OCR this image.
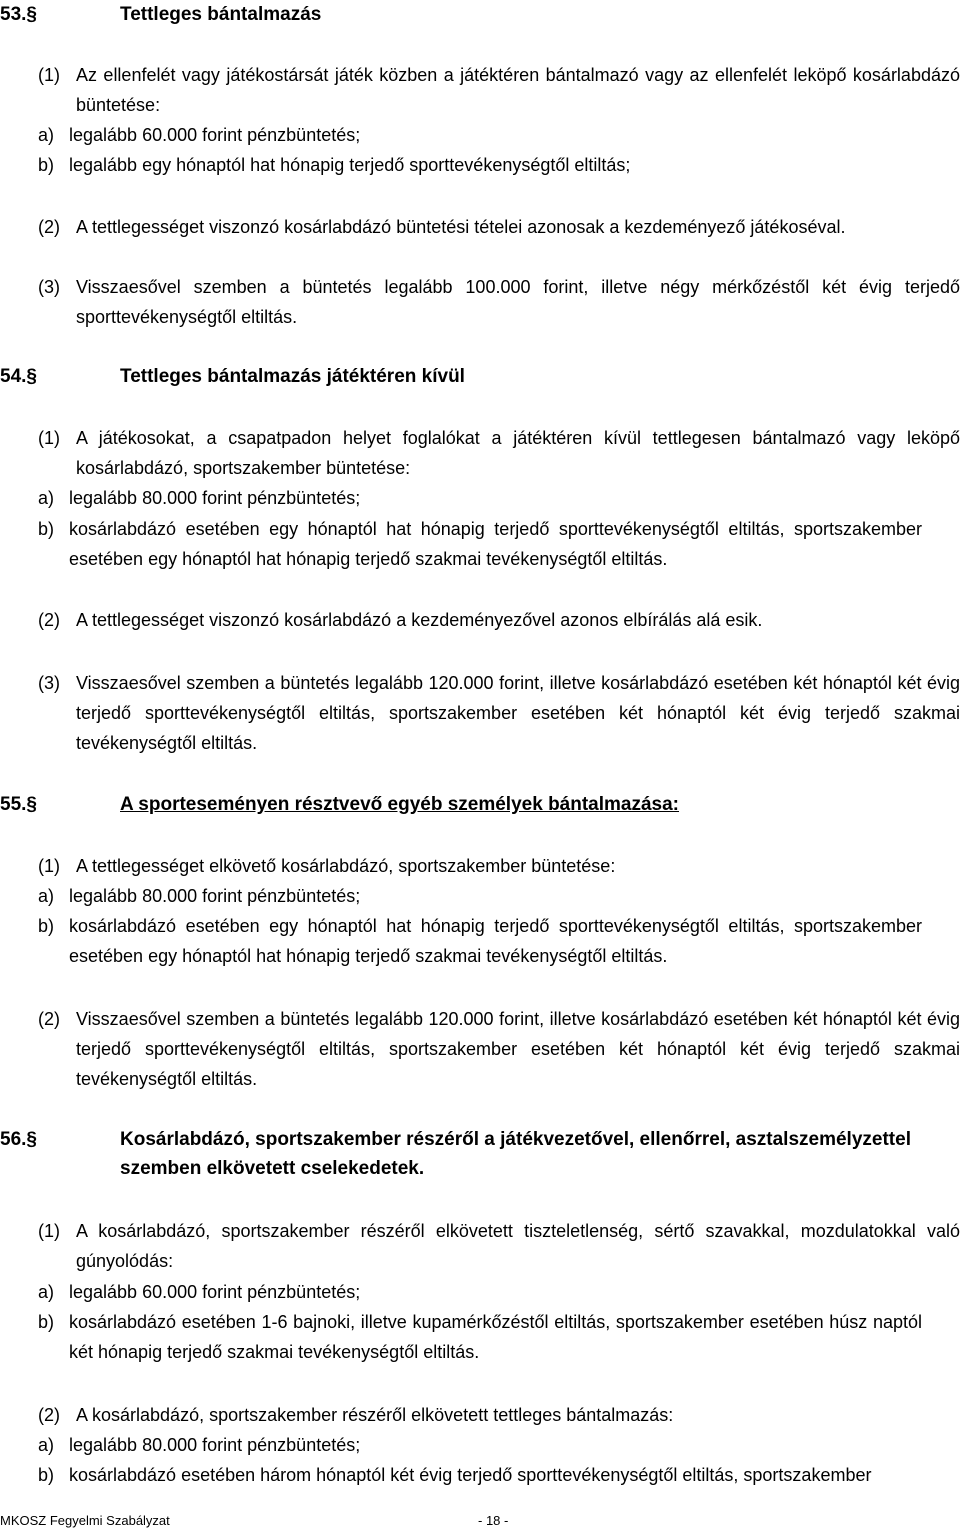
53.§	Tettleges bántalmazás
(1) Az ellenfelét vagy játékostársát játék közben a játéktéren bántalmazó vagy az ellenfelét leköpő kosárlabdázó büntetése:
a) legalább 60.000 forint pénzbüntetés;
b) legalább egy hónaptól hat hónapig terjedő sporttevékenységtől eltiltás;
(2) A tettlegességet viszonzó kosárlabdázó büntetési tételei azonosak a kezdeményező játékoséval.
(3) Visszaesővel szemben a büntetés legalább 100.000 forint, illetve négy mérkőzéstől két évig terjedő sporttevékenységtől eltiltás.
54.§	Tettleges bántalmazás játéktéren kívül
(1) A játékosokat, a csapatpadon helyet foglalókat a játéktéren kívül tettlegesen bántalmazó vagy leköpő kosárlabdázó, sportszakember büntetése:
a) legalább 80.000 forint pénzbüntetés;
b) kosárlabdázó esetében egy hónaptól hat hónapig terjedő sporttevékenységtől eltiltás, sportszakember esetében egy hónaptól hat hónapig terjedő szakmai tevékenységtől eltiltás.
(2) A tettlegességet viszonzó kosárlabdázó a kezdeményezővel azonos elbírálás alá esik.
(3) Visszaesővel szemben a büntetés legalább 120.000 forint, illetve kosárlabdázó esetében két hónaptól két évig terjedő sporttevékenységtől eltiltás, sportszakember esetében két hónaptól két évig terjedő szakmai tevékenységtől eltiltás.
55.§	A sporteseményen résztvevő egyéb személyek bántalmazása:
(1) A tettlegességet elkövető kosárlabdázó, sportszakember büntetése:
a) legalább 80.000 forint pénzbüntetés;
b) kosárlabdázó esetében egy hónaptól hat hónapig terjedő sporttevékenységtől eltiltás, sportszakember esetében egy hónaptól hat hónapig terjedő szakmai tevékenységtől eltiltás.
(2) Visszaesővel szemben a büntetés legalább 120.000 forint, illetve kosárlabdázó esetében két hónaptól két évig terjedő sporttevékenységtől eltiltás, sportszakember esetében két hónaptól két évig terjedő szakmai tevékenységtől eltiltás.
56.§	Kosárlabdázó, sportszakember részéről a játékvezetővel, ellenőrrel, asztalszemélyzettel szemben elkövetett cselekedetek.
(1) A kosárlabdázó, sportszakember részéről elkövetett tiszteletlenség, sértő szavakkal, mozdulatokkal való gúnyolódás:
a) legalább 60.000 forint pénzbüntetés;
b) kosárlabdázó esetében 1-6 bajnoki, illetve kupamérkőzéstől eltiltás, sportszakember esetében húsz naptól két hónapig terjedő szakmai tevékenységtől eltiltás.
(2) A kosárlabdázó, sportszakember részéről elkövetett tettleges bántalmazás:
a) legalább 80.000 forint pénzbüntetés;
b) kosárlabdázó esetében három hónaptól két évig terjedő sporttevékenységtől eltiltás, sportszakember
MKOSZ Fegyelmi Szabályzat	- 18 -
